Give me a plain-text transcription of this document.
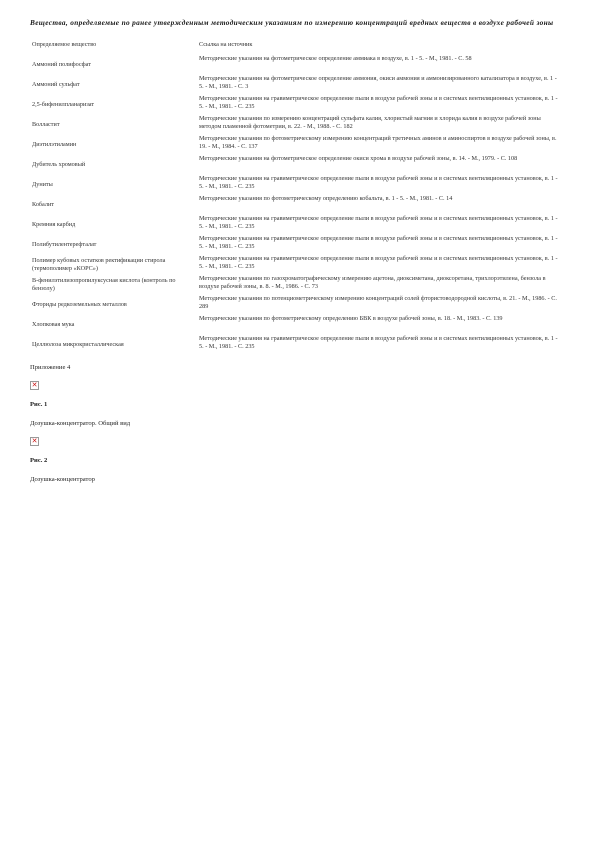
Вещества, определяемые по ранее утвержденным методическим указаниям по измерению концентраций вредных веществ в воздухе рабочей зоны
Определяемое вещество	Ссылка на источник
Аммоний полифосфат	Методические указания на фотометрическое определение аммиака в воздухе, в. 1 - 5. - М., 1981. - С. 58
Аммоний сульфат	Методические указания на фотометрическое определение аммония, окиси аммония и аммонизированного катализатора в воздухе, в. 1 - 5. - М., 1981. - С. 3
2,5-бифенилпланаризат	Методические указания на гравиметрическое определение пыли в воздухе рабочей зоны и в системах вентиляционных установок, в. 1 - 5. - М., 1981. - С. 235
Волластит	Методические указания по измерению концентраций сульфата калия, хлористый магния и хлорида калия в воздухе рабочей зоны методом пламенной фотометрии, в. 22. - М., 1988. - С. 182
Диэтилэтиламин	Методические указания по фотометрическому измерению концентраций третичных аминов и аминоспиртов в воздухе рабочей зоны, в. 19. - М., 1984. - С. 137
Дубитель хромовый	Методические указания на фотометрическое определение окиси хрома в воздухе рабочей зоны, в. 14. - М., 1979. - С. 108
Дуниты	Методические указания на гравиметрическое определение пыли в воздухе рабочей зоны и в системах вентиляционных установок, в. 1 - 5. - М., 1981. - С. 235
Кобалит	Методические указания по фотометрическому определению кобальта, в. 1 - 5. - М., 1981. - С. 14
Кремния карбид	Методические указания на гравиметрическое определение пыли в воздухе рабочей зоны и в системах вентиляционных установок, в. 1 - 5. - М., 1981. - С. 235
Полибутилентерефталат	Методические указания на гравиметрическое определение пыли в воздухе рабочей зоны и в системах вентиляционных установок, в. 1 - 5. - М., 1981. - С. 235
Полимер кубовых остатков ректификации стирола (термополимер «КОРС»)	Методические указания на гравиметрическое определение пыли в воздухе рабочей зоны и в системах вентиляционных установок, в. 1 - 5. - М., 1981. - С. 235
Β-фенилэтилизопропилуксусная кислота (контроль по бензолу)	Методические указания по газохроматографическому измерению ацетона, диоксиметана, диоксоретана, трихлорэтилена, бензола в воздухе рабочей зоны, в. 8. - М., 1986. - С. 73
Фториды редкоземельных металлов	Методические указания по потенциометрическому измерению концентраций солей фтористоводородной кислоты, в. 21. - М., 1986. - С. 289
Хлопковая мука	Методические указания по фотометрическому определению БВК в воздухе рабочей зоны, в. 18. - М., 1983. - С. 139
Целлюлоза микрокристаллическая	Методические указания на гравиметрическое определение пыли в воздухе рабочей зоны и в системах вентиляционных установок, в. 1 - 5. - М., 1981. - С. 235
Приложение 4
✕
Рис. 1
Дозушка-концентратор. Общий вид
✕
Рис. 2
Дозушка-концентратор
